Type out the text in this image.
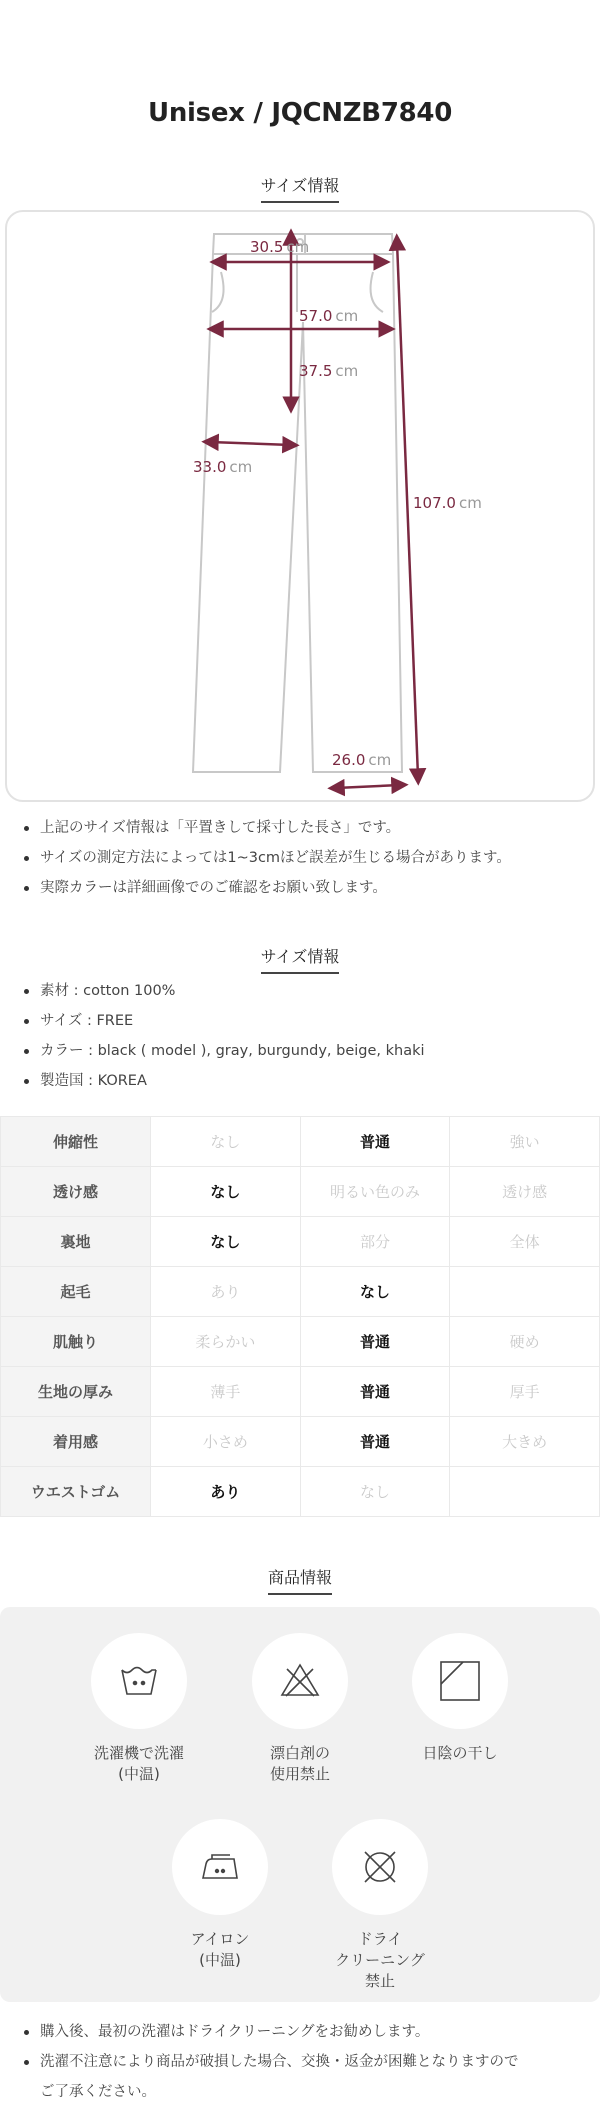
Unisex / JQCNZB7840
サイズ情報
30.5 cm
57.0 cm
37.5 cm
33.0 cm
107.0 cm
26.0 cm
上記のサイズ情報は「平置きして採寸した長さ」です。
サイズの測定方法によっては1~3cmほど誤差が生じる場合があります。
実際カラーは詳細画像でのご確認をお願い致します。
サイズ情報
素材 : cotton 100%
サイズ : FREE
カラー : black ( model ), gray, burgundy, beige, khaki
製造国 : KOREA
伸縮性	なし	普通	強い
透け感	なし	明るい色のみ	透け感
裏地	なし	部分	全体
起毛	あり	なし	
肌触り	柔らかい	普通	硬め
生地の厚み	薄手	普通	厚手
着用感	小さめ	普通	大きめ
ウエストゴム	あり	なし	
商品情報
洗濯機で洗濯
(中温)
漂白剤の
使用禁止
日陰の干し
アイロン
(中温)
ドライ
クリーニング
禁止
購入後、最初の洗濯はドライクリーニングをお勧めします。
洗濯不注意により商品が破損した場合、交換・返金が困難となりますので
ご了承ください。
